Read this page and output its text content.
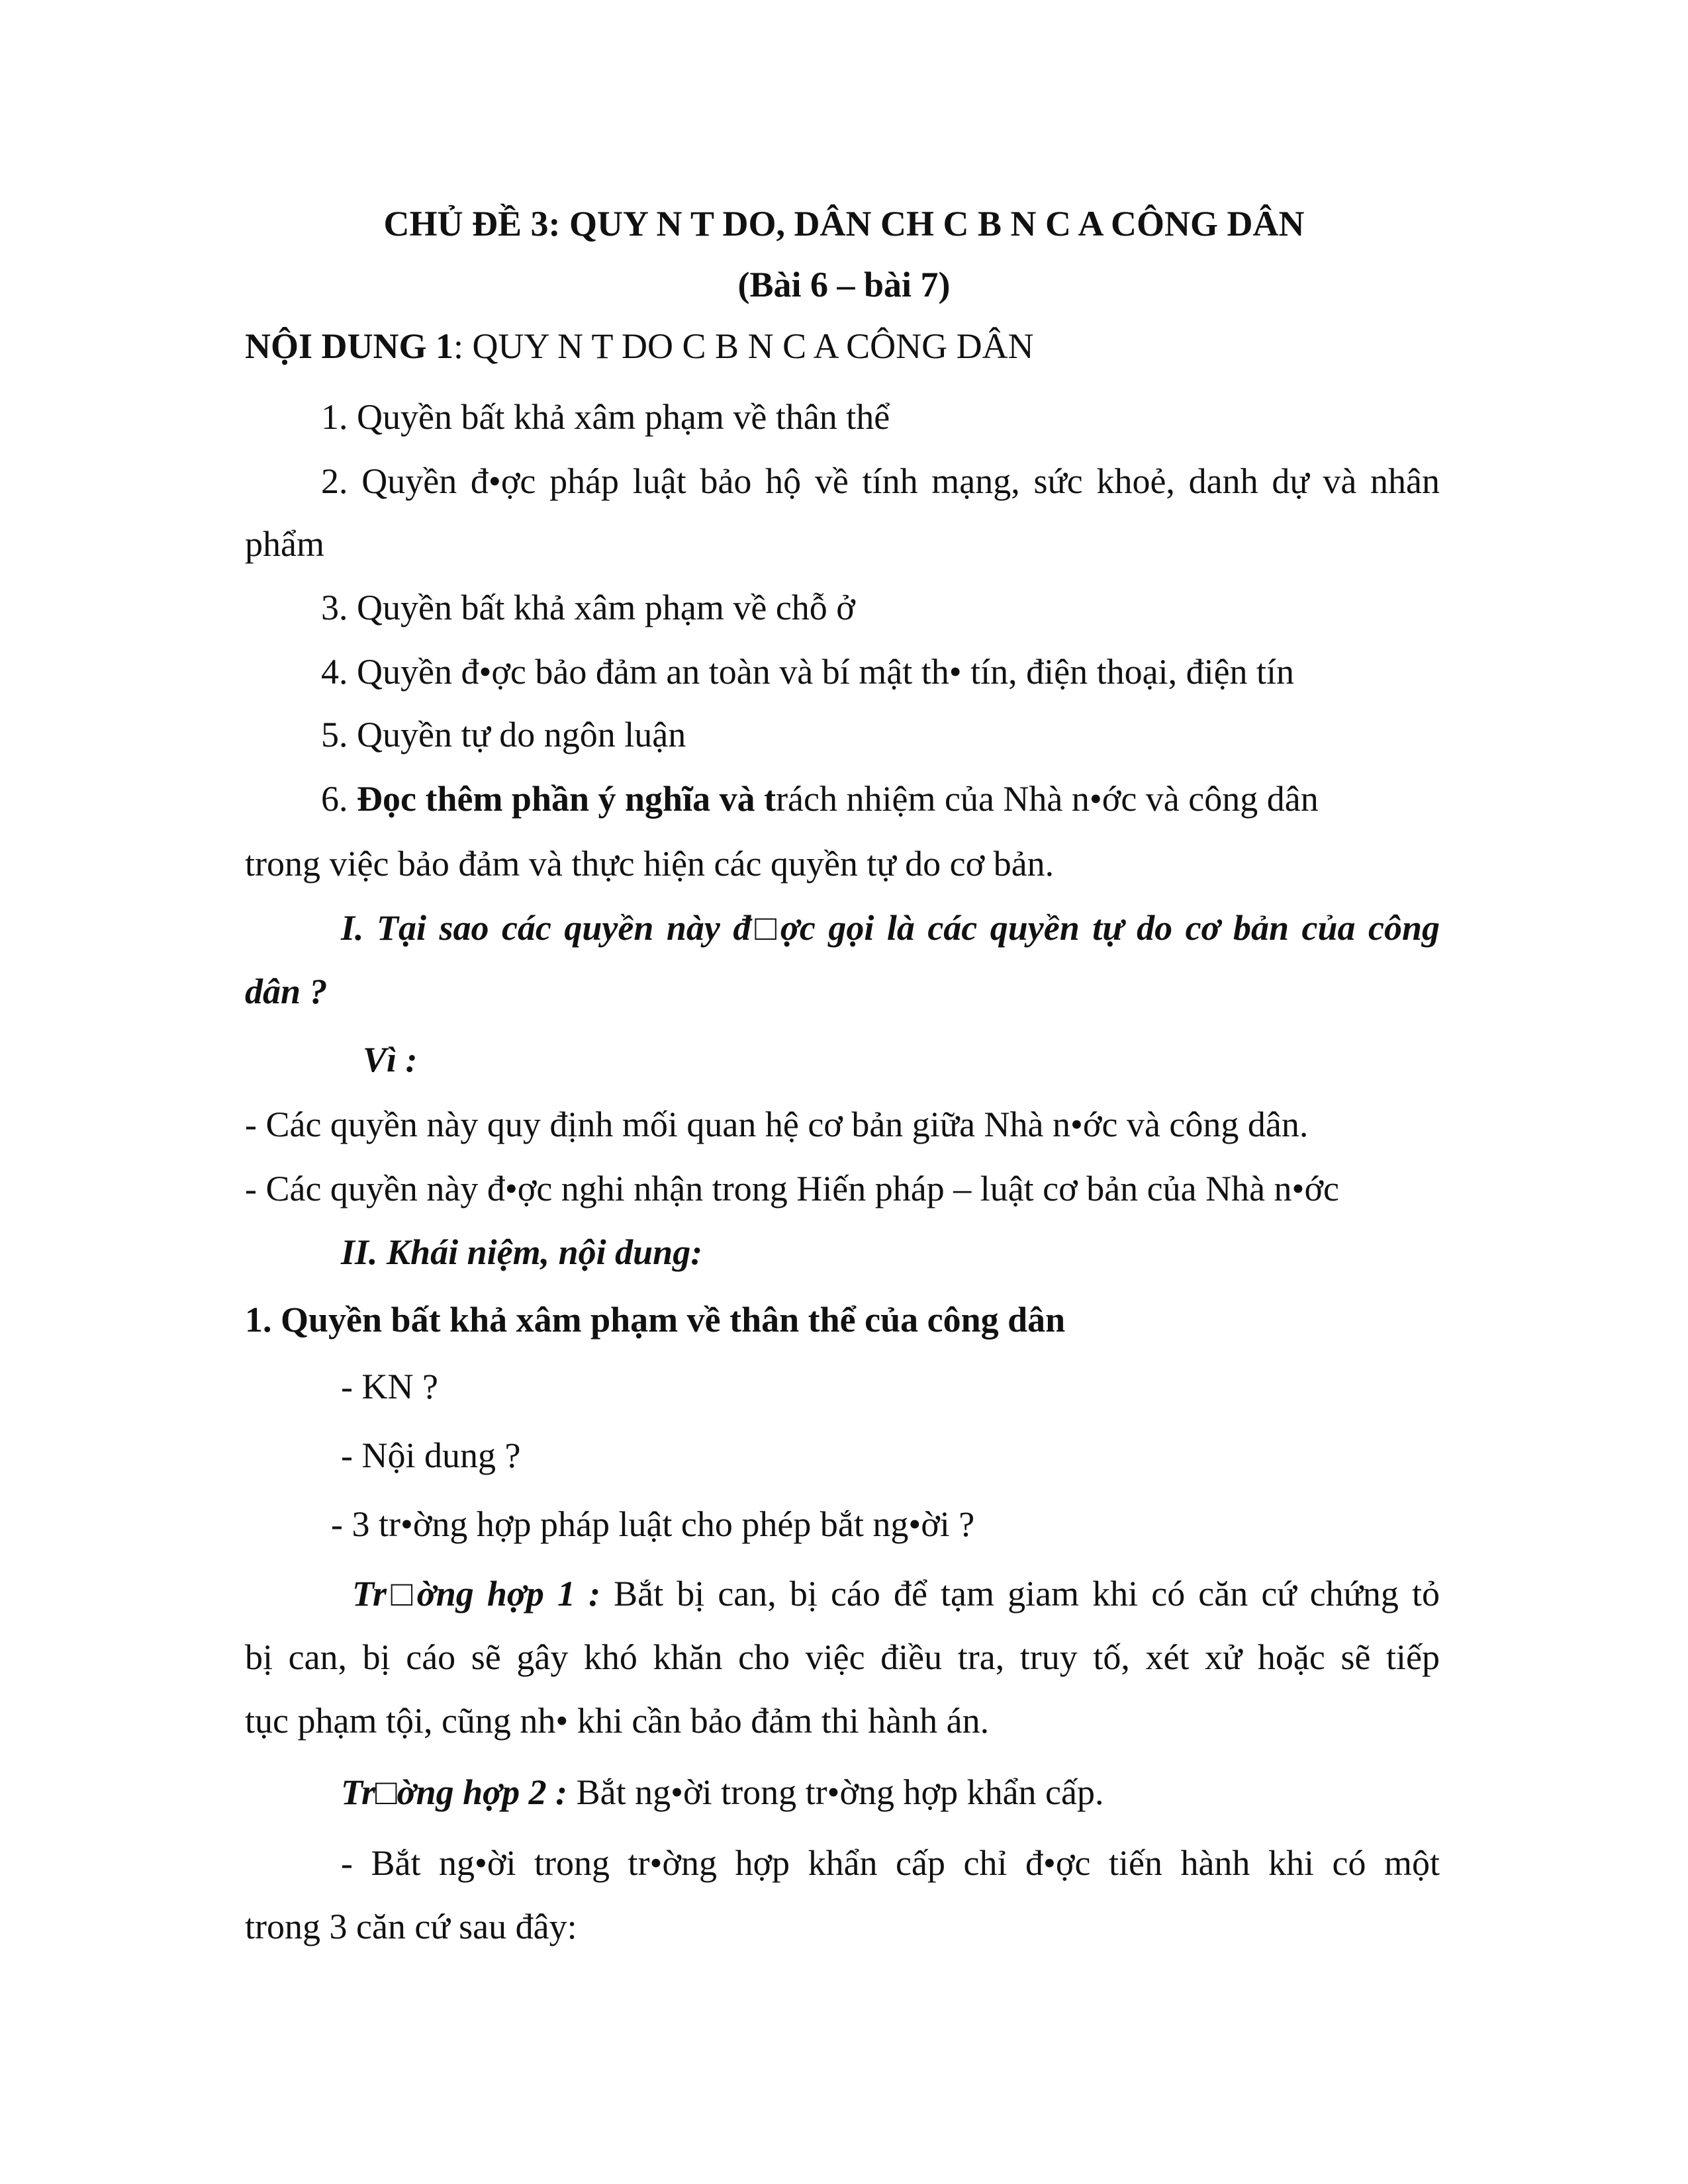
CHỦ ĐỀ 3: QUY N T DO, DÂN CH C B N C A CÔNG DÂN
(Bài 6 – bài 7)
NỘI DUNG 1: QUY N T DO C B N C A CÔNG DÂN
1. Quyền bất khả xâm phạm về thân thể
2. Quyền đ•ợc pháp luật bảo hộ về tính mạng, sức khoẻ, danh dự và nhân
phẩm
3. Quyền bất khả xâm phạm về chỗ ở
4. Quyền đ•ợc bảo đảm an toàn và bí mật th• tín, điện thoại, điện tín
5. Quyền tự do ngôn luận
6. Đọc thêm phần ý nghĩa và trách nhiệm của Nhà n•ớc và công dân
trong việc bảo đảm và thực hiện các quyền tự do cơ bản.
I. Tại sao các quyền này đ□ợc gọi là các quyền tự do cơ bản của công
dân ?
Vì :
- Các quyền này quy định mối quan hệ cơ bản giữa Nhà n•ớc và công dân.
- Các quyền này đ•ợc nghi nhận trong Hiến pháp – luật cơ bản của Nhà n•ớc
II. Khái niệm, nội dung:
1. Quyền bất khả xâm phạm về thân thể của công dân
- KN ?
- Nội dung ?
- 3 tr•ờng hợp pháp luật cho phép bắt ng•ời ?
Tr□ờng hợp 1 : Bắt bị can, bị cáo để tạm giam khi có căn cứ chứng tỏ
bị can, bị cáo sẽ gây khó khăn cho việc điều tra, truy tố, xét xử hoặc sẽ tiếp
tục phạm tội, cũng nh• khi cần bảo đảm thi hành án.
Tr□ờng hợp 2 : Bắt ng•ời trong tr•ờng hợp khẩn cấp.
- Bắt ng•ời trong tr•ờng hợp khẩn cấp chỉ đ•ợc tiến hành khi có một
trong 3 căn cứ sau đây:
